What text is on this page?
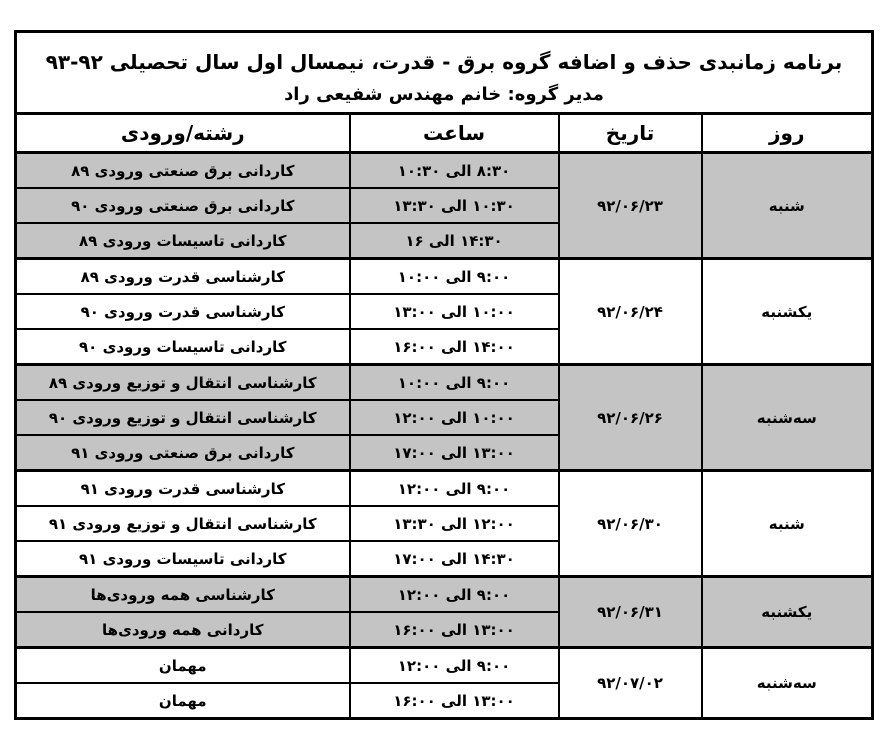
برنامه زمانبدی حذف و اضافه گروه برق - قدرت، نیمسال اول سال تحصیلی ۹۲‏-‏۹۳
مدیر گروه: خانم مهندس شفیعی راد			

روز	تاریخ	ساعت	رشته/ورودی
شنبه	۹۲/۰۶/۲۳	۸:۳۰ الی ۱۰:۳۰	کاردانی برق صنعتی ورودی ۸۹
		۱۰:۳۰ الی ۱۳:۳۰	کاردانی برق صنعتی ورودی ۹۰
		۱۴:۳۰ الی ۱۶	کاردانی تاسیسات ورودی ۸۹
یکشنبه	۹۲/۰۶/۲۴	۹:۰۰ الی ۱۰:۰۰	کارشناسی قدرت ورودی ۸۹
		۱۰:۰۰ الی ۱۳:۰۰	کارشناسی قدرت ورودی ۹۰
		۱۴:۰۰ الی ۱۶:۰۰	کاردانی تاسیسات ورودی ۹۰
سه‌شنبه	۹۲/۰۶/۲۶	۹:۰۰ الی ۱۰:۰۰	کارشناسی انتقال و توزیع ورودی ۸۹
		۱۰:۰۰ الی ۱۲:۰۰	کارشناسی انتقال و توزیع ورودی ۹۰
		۱۳:۰۰ الی ۱۷:۰۰	کاردانی برق صنعتی ورودی ۹۱
شنبه	۹۲/۰۶/۳۰	۹:۰۰ الی ۱۲:۰۰	کارشناسی قدرت ورودی ۹۱
		۱۲:۰۰ الی ۱۳:۳۰	کارشناسی انتقال و توزیع ورودی ۹۱
		۱۴:۳۰ الی ۱۷:۰۰	کاردانی تاسیسات ورودی ۹۱
یکشنبه	۹۲/۰۶/۳۱	۹:۰۰ الی ۱۲:۰۰	کارشناسی همه ورودی‌ها
		۱۳:۰۰ الی ۱۶:۰۰	کاردانی همه ورودی‌ها
سه‌شنبه	۹۲/۰۷/۰۲	۹:۰۰ الی ۱۲:۰۰	مهمان
		۱۳:۰۰ الی ۱۶:۰۰	مهمان
